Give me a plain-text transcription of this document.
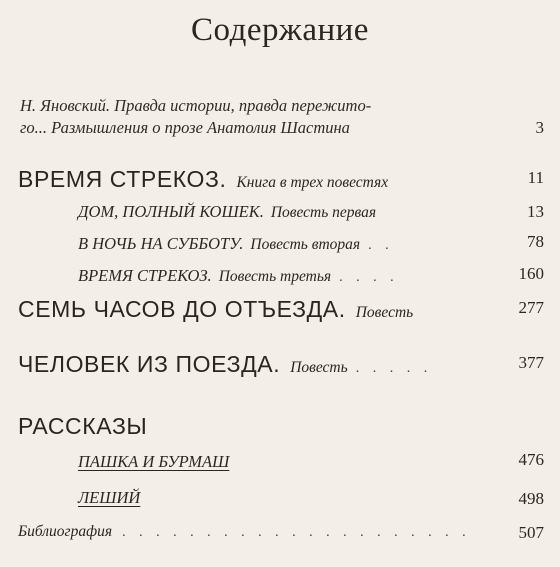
Содержание
Н. Яновский. Правда истории, правда пережито-
го... Размышления о прозе Анатолия Шастина	3
ВРЕМЯ СТРЕКОЗ. Книга в трех повестях	11
ДОМ, ПОЛНЫЙ КОШЕК. Повесть первая	13
В НОЧЬ НА СУББОТУ. Повесть вторая . .	78
ВРЕМЯ СТРЕКОЗ. Повесть третья . . . .	160
СЕМЬ ЧАСОВ ДО ОТЪЕЗДА. Повесть	277
ЧЕЛОВЕК ИЗ ПОЕЗДА. Повесть . . . . .	377
РАССКАЗЫ
ПАШКА И БУРМАШ	476
ЛЕШИЙ	498
Библиография . . . . . . . . . . . . . . . . . . . . .	507
